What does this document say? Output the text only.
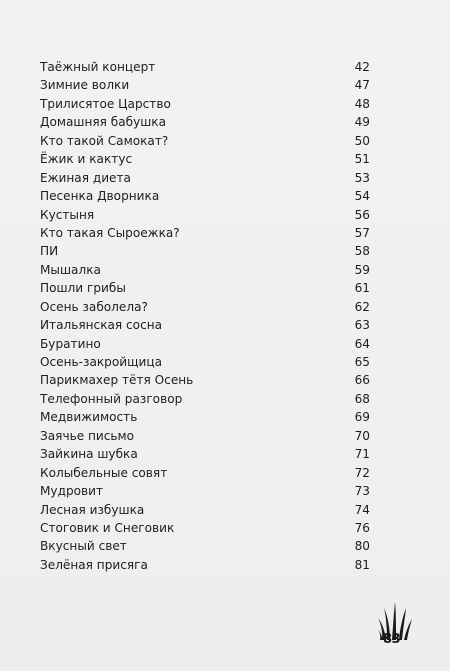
Таёжный концерт	42
Зимние волки	47
Трилисятое Царство	48
Домашняя бабушка	49
Кто такой Самокат?	50
Ёжик и кактус	51
Ежиная диета	53
Песенка Дворника	54
Кустыня	56
Кто такая Сыроежка?	57
ПИ	58
Мышалка	59
Пошли грибы	61
Осень заболела?	62
Итальянская сосна	63
Буратино	64
Осень-закройщица	65
Парикмахер тётя Осень	66
Телефонный разговор	68
Медвижимость	69
Заячье письмо	70
Зайкина шубка	71
Колыбельные совят	72
Мудровит	73
Лесная избушка	74
Стоговик и Снеговик	76
Вкусный свет	80
Зелёная присяга	81
83
